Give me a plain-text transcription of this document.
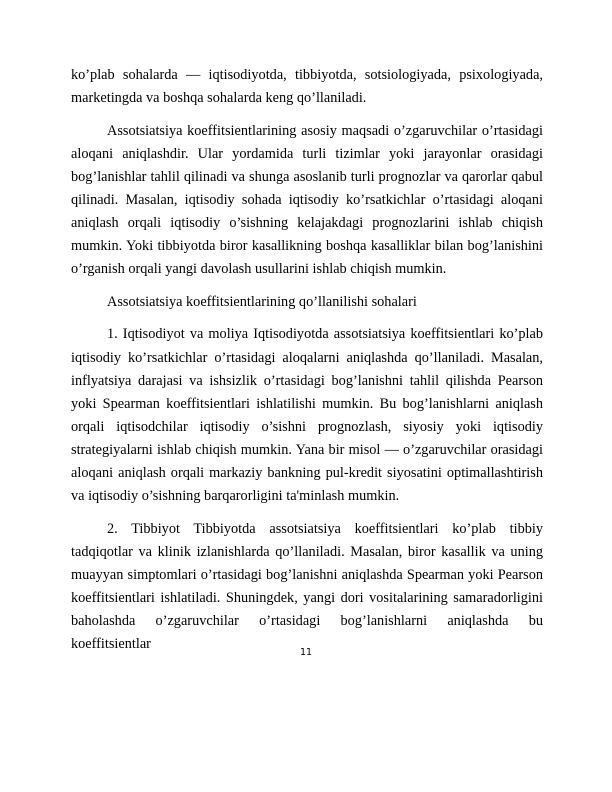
ko’plab sohalarda — iqtisodiyotda, tibbiyotda, sotsiologiyada, psixologiyada, marketingda va boshqa sohalarda keng qo’llaniladi.

Assotsiatsiya koeffitsientlarining asosiy maqsadi o’zgaruvchilar o’rtasidagi aloqani aniqlashdir. Ular yordamida turli tizimlar yoki jarayonlar orasidagi bog’lanishlar tahlil qilinadi va shunga asoslanib turli prognozlar va qarorlar qabul qilinadi. Masalan, iqtisodiy sohada iqtisodiy ko’rsatkichlar o’rtasidagi aloqani aniqlash orqali iqtisodiy o’sishning kelajakdagi prognozlarini ishlab chiqish mumkin. Yoki tibbiyotda biror kasallikning boshqa kasalliklar bilan bog’lanishini o’rganish orqali yangi davolash usullarini ishlab chiqish mumkin.

Assotsiatsiya koeffitsientlarining qo’llanilishi sohalari

1. Iqtisodiyot va moliya Iqtisodiyotda assotsiatsiya koeffitsientlari ko’plab iqtisodiy ko’rsatkichlar o’rtasidagi aloqalarni aniqlashda qo’llaniladi. Masalan, inflyatsiya darajasi va ishsizlik o’rtasidagi bog’lanishni tahlil qilishda Pearson yoki Spearman koeffitsientlari ishlatilishi mumkin. Bu bog’lanishlarni aniqlash orqali iqtisodchilar iqtisodiy o’sishni prognozlash, siyosiy yoki iqtisodiy strategiyalarni ishlab chiqish mumkin. Yana bir misol — o’zgaruvchilar orasidagi aloqani aniqlash orqali markaziy bankning pul-kredit siyosatini optimallashtirish va iqtisodiy o’sishning barqarorligini ta'minlash mumkin.

2. Tibbiyot Tibbiyotda assotsiatsiya koeffitsientlari ko’plab tibbiy tadqiqotlar va klinik izlanishlarda qo’llaniladi. Masalan, biror kasallik va uning muayyan simptomlari o’rtasidagi bog’lanishni aniqlashda Spearman yoki Pearson koeffitsientlari ishlatiladi. Shuningdek, yangi dori vositalarining samaradorligini baholashda o’zgaruvchilar o’rtasidagi bog’lanishlarni aniqlashda bu koeffitsientlar

11
